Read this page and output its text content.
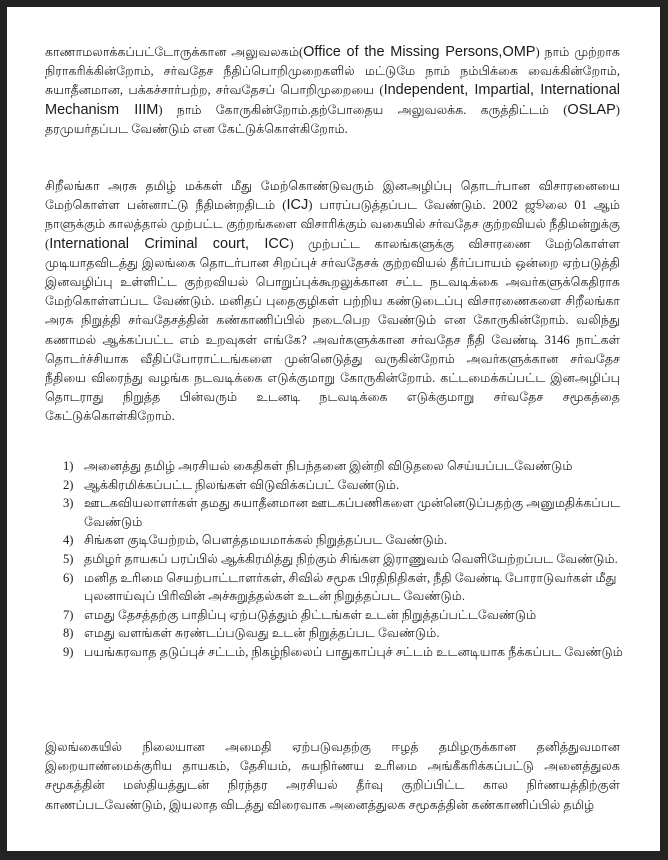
காணாமலாக்கப்பட்டோருக்கான அலுவலகம்(Office of the Missing Persons,OMP) நாம் முற்றாக நிராகரிக்கின்றோம், சர்வதேச நீதிப்பொறிமுறைகளில் மட்டுமே நாம் நம்பிக்கை வைக்கின்றோம், சுயாதீனமான, பக்கச்சார்பற்ற, சர்வதேசப் பொறிமுறையை (Independent, Impartial, International Mechanism IIIM) நாம் கோருகின்றோம்.தற்போதைய அலுவலக்க. கருத்திட்டம் (OSLAP) தரமுயர்தப்பட வேண்டும் என கேட்டுக்கொள்கிறோம்.

சிறீலங்கா அரசு தமிழ் மக்கள் மீது மேற்கொண்டுவரும் இனஅழிப்பு தொடர்பான விசாரனையை மேற்கொள்ள பன்னாட்டு நீதிமன்றதிடம் (ICJ) பாரப்படுத்தப்பட வேண்டும். 2002 ஜூலை 01 ஆம் நாளுக்கும் காலத்தால் முற்பட்ட குற்றங்களை விசாரிக்கும் வகையில் சர்வதேச குற்றவியல் நீதிமன்றுக்கு (International Criminal court, ICC) முற்பட்ட காலங்களுக்கு விசாரணை மேற்கொள்ள முடியாதவிடத்து இலங்கை தொடர்பான சிறப்புச் சர்வதேசக் குற்றவியல் தீர்ப்பாயம் ஒன்றை ஏற்படுத்தி இனவழிப்பு உள்ளிட்ட குற்றவியல் பொறுப்புக்கூறலுக்கான சட்ட நடவடிக்கை அவர்களுக்கெதிராக மேற்கொள்ளப்பட வேண்டும். மனிதப் புதைகுழிகள் பற்றிய கண்டுடைப்பு விசாரணைகளை சிறீலங்கா அரசு நிறுத்தி சர்வதேசத்தின் கண்காணிப்பில் நடைபெற வேண்டும் என கோருகின்றோம். வலிந்து கணாமல் ஆக்கப்பட்ட எம் உறவுகள் எங்கே? அவர்களுக்கான சர்வதேச நீதி வேண்டி 3146 நாட்கள் தொடர்ச்சியாக வீதிப்போராட்டங்களை முன்னெடுத்து வருகின்றோம் அவர்களுக்கான சர்வதேச நீதியை விரைந்து வழங்க நடவடிக்கை எடுக்குமாறு கோருகின்றோம். கட்டமைக்கப்பட்ட இனஅழிப்பு தொடராது நிறுத்த பின்வரும் உடனடி நடவடிக்கை எடுக்குமாறு சர்வதேச சமூகத்தை கேட்டுக்கொள்கிறோம்.

1) அனைத்து தமிழ் அரசியல் கைதிகள் நிபந்தனை இன்றி விடுதலை செய்யப்படவேண்டும்
2) ஆக்கிரமிக்கப்பட்ட நிலங்கள் விடுவிக்கப்பட் வேண்டும்.
3) ஊடகவியலாளர்கள் தமது சுயாதீனமான ஊடகப்பணிகளை முன்னெடுப்பதற்கு அனுமதிக்கப்பட வேண்டும்
4) சிங்கள குடியேற்றம், பௌத்தமயமாக்கல் நிறுத்தப்பட வேண்டும்.
5) தமிழர் தாயகப் பரப்பில் ஆக்கிரமித்து நிற்கும் சிங்கள இராணுவம் வெளியேற்றப்பட வேண்டும்.
6) மனித உரிமை செயற்பாட்டாளர்கள், சிவில் சமூக பிரதிநிதிகள், நீதி வேண்டி போராடுவர்கள் மீது புலனாய்வுப் பிரிவின் அச்சுறுத்தல்கள் உடன் நிறுத்தப்பட வேண்டும்.
7) எமது தேசத்தற்கு பாதிப்பு ஏற்படுத்தும் திட்டங்கள் உடன் நிறுத்தப்பட்டவேண்டும்
8) எமது வளங்கள் சுரண்டப்படுவது உடன் நிறுத்தப்பட வேண்டும்.
9) பயங்கரவாத தடுப்புச் சட்டம், நிகழ்நிலைப் பாதுகாப்புச் சட்டம் உடனடியாக நீக்கப்பட வேண்டும்

இலங்கையில் நிலையான அமைதி ஏற்படுவதற்கு ஈழத் தமிழருக்கான தனித்துவமான இறையாண்மைக்குரிய தாயகம், தேசியம், சுயநிர்ணய உரிமை அங்கீகரிக்கப்பட்டு அனைத்துலக சமூகத்தின் மஸ்தியத்துடன் நிரந்தர அரசியல் தீர்வு குறிப்பிட்ட கால நிர்ணயத்திற்குள் காணப்படவேண்டும், இயலாத விடத்து விரைவாக அனைத்துலக சமூகத்தின் கண்காணிப்பில் தமிழ்
